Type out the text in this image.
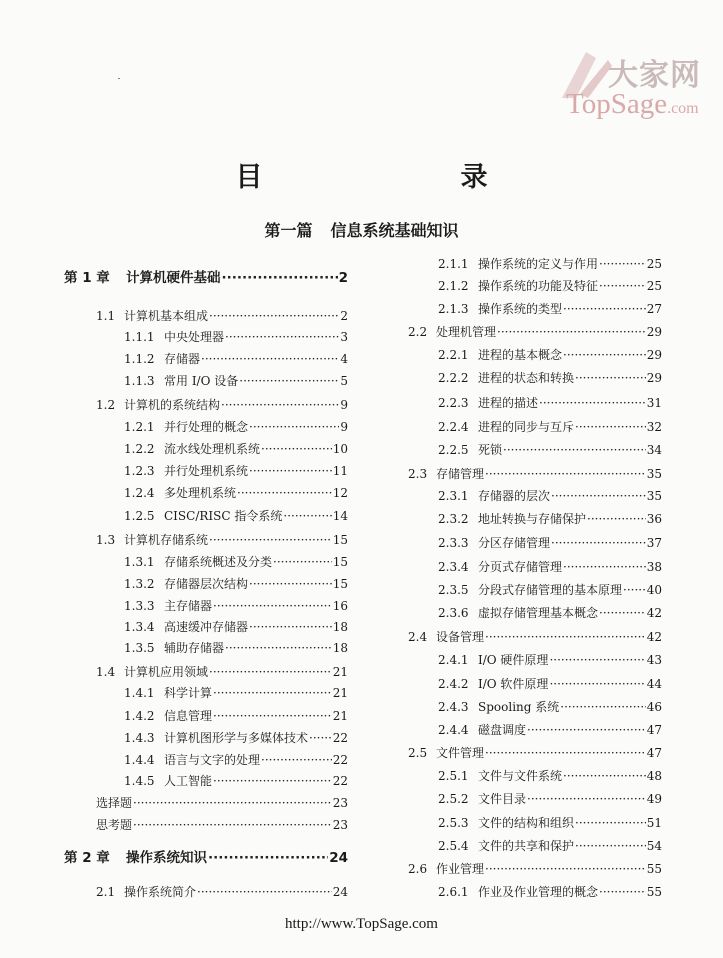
大家网
TopSage.com
目　　录
第一篇 信息系统基础知识
第 1 章	计算机硬件基础 ·····	2
1.1 计算机基本组成 ·····	2
1.1.1 中央处理器 ·····	3
1.1.2 存储器 ·····	4
1.1.3 常用 I/O 设备 ·····	5
1.2 计算机的系统结构 ·····	9
1.2.1 并行处理的概念 ·····	9
1.2.2 流水线处理机系统 ·····	10
1.2.3 并行处理机系统 ·····	11
1.2.4 多处理机系统 ·····	12
1.2.5 CISC/RISC 指令系统 ·····	14
1.3 计算机存储系统 ·····	15
1.3.1 存储系统概述及分类 ·····	15
1.3.2 存储器层次结构 ·····	15
1.3.3 主存储器 ·····	16
1.3.4 高速缓冲存储器 ·····	18
1.3.5 辅助存储器 ·····	18
1.4 计算机应用领域 ·····	21
1.4.1 科学计算 ·····	21
1.4.2 信息管理 ·····	21
1.4.3 计算机图形学与多媒体技术 ····· 22
1.4.4 语言与文字的处理 ·····	22
1.4.5 人工智能 ·····	22
选择题 ·····	23
思考题 ·····	23
第 2 章	操作系统知识 ·····	24
2.1 操作系统简介 ·····	24
2.1.1 操作系统的定义与作用 ·····	25
2.1.2 操作系统的功能及特征 ·····	25
2.1.3 操作系统的类型 ·····	27
2.2 处理机管理 ·····	29
2.2.1 进程的基本概念 ·····	29
2.2.2 进程的状态和转换 ·····	29
2.2.3 进程的描述 ·····	31
2.2.4 进程的同步与互斥 ·····	32
2.2.5 死锁 ·····	34
2.3 存储管理 ·····	35
2.3.1 存储器的层次 ·····	35
2.3.2 地址转换与存储保护 ·····	36
2.3.3 分区存储管理 ·····	37
2.3.4 分页式存储管理 ·····	38
2.3.5 分段式存储管理的基本原理 ····· 40
2.3.6 虚拟存储管理基本概念 ·····	42
2.4 设备管理 ·····	42
2.4.1 I/O 硬件原理 ·····	43
2.4.2 I/O 软件原理 ·····	44
2.4.3 Spooling 系统 ·····	46
2.4.4 磁盘调度 ·····	47
2.5 文件管理 ·····	47
2.5.1 文件与文件系统 ·····	48
2.5.2 文件目录 ·····	49
2.5.3 文件的结构和组织 ·····	51
2.5.4 文件的共享和保护 ·····	54
2.6 作业管理 ·····	55
2.6.1 作业及作业管理的概念 ·····	55
http://www.TopSage.com
